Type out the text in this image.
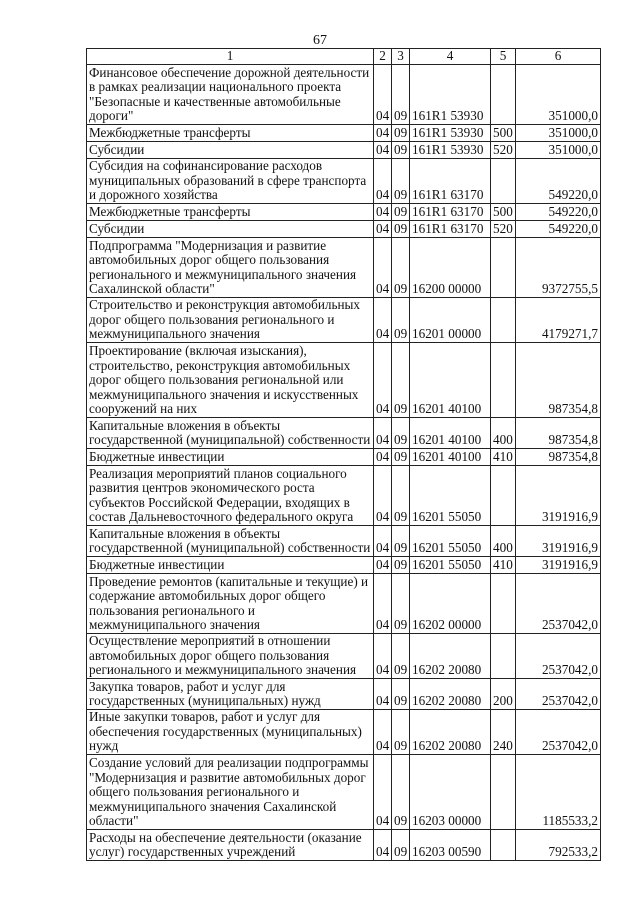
67
1	2	3	4	5	6
Финансовое обеспечение дорожной деятельности в рамках реализации национального проекта "Безопасные и качественные автомобильные дороги"	04	09	161R1 53930		351000,0
Межбюджетные трансферты	04	09	161R1 53930	500	351000,0
Субсидии	04	09	161R1 53930	520	351000,0
Субсидия на софинансирование расходов муниципальных образований в сфере транспорта и дорожного хозяйства	04	09	161R1 63170		549220,0
Межбюджетные трансферты	04	09	161R1 63170	500	549220,0
Субсидии	04	09	161R1 63170	520	549220,0
Подпрограмма "Модернизация и развитие автомобильных дорог общего пользования регионального и межмуниципального значения Сахалинской области"	04	09	16200 00000		9372755,5
Строительство и реконструкция автомобильных дорог общего пользования регионального и межмуниципального значения	04	09	16201 00000		4179271,7
Проектирование (включая изыскания), строительство, реконструкция автомобильных дорог общего пользования региональной или межмуниципального значения и искусственных сооружений на них	04	09	16201 40100		987354,8
Капитальные вложения в объекты государственной (муниципальной) собственности	04	09	16201 40100	400	987354,8
Бюджетные инвестиции	04	09	16201 40100	410	987354,8
Реализация мероприятий планов социального развития центров экономического роста субъектов Российской Федерации, входящих в состав Дальневосточного федерального округа	04	09	16201 55050		3191916,9
Капитальные вложения в объекты государственной (муниципальной) собственности	04	09	16201 55050	400	3191916,9
Бюджетные инвестиции	04	09	16201 55050	410	3191916,9
Проведение ремонтов (капитальные и текущие) и содержание автомобильных дорог общего пользования регионального и межмуниципального значения	04	09	16202 00000		2537042,0
Осуществление мероприятий в отношении автомобильных дорог общего пользования регионального и межмуниципального значения	04	09	16202 20080		2537042,0
Закупка товаров, работ и услуг для государственных (муниципальных) нужд	04	09	16202 20080	200	2537042,0
Иные закупки товаров, работ и услуг для обеспечения государственных (муниципальных) нужд	04	09	16202 20080	240	2537042,0
Создание условий для реализации подпрограммы "Модернизация и развитие автомобильных дорог общего пользования регионального и межмуниципального значения Сахалинской области"	04	09	16203 00000		1185533,2
Расходы на обеспечение деятельности (оказание услуг) государственных учреждений	04	09	16203 00590		792533,2
